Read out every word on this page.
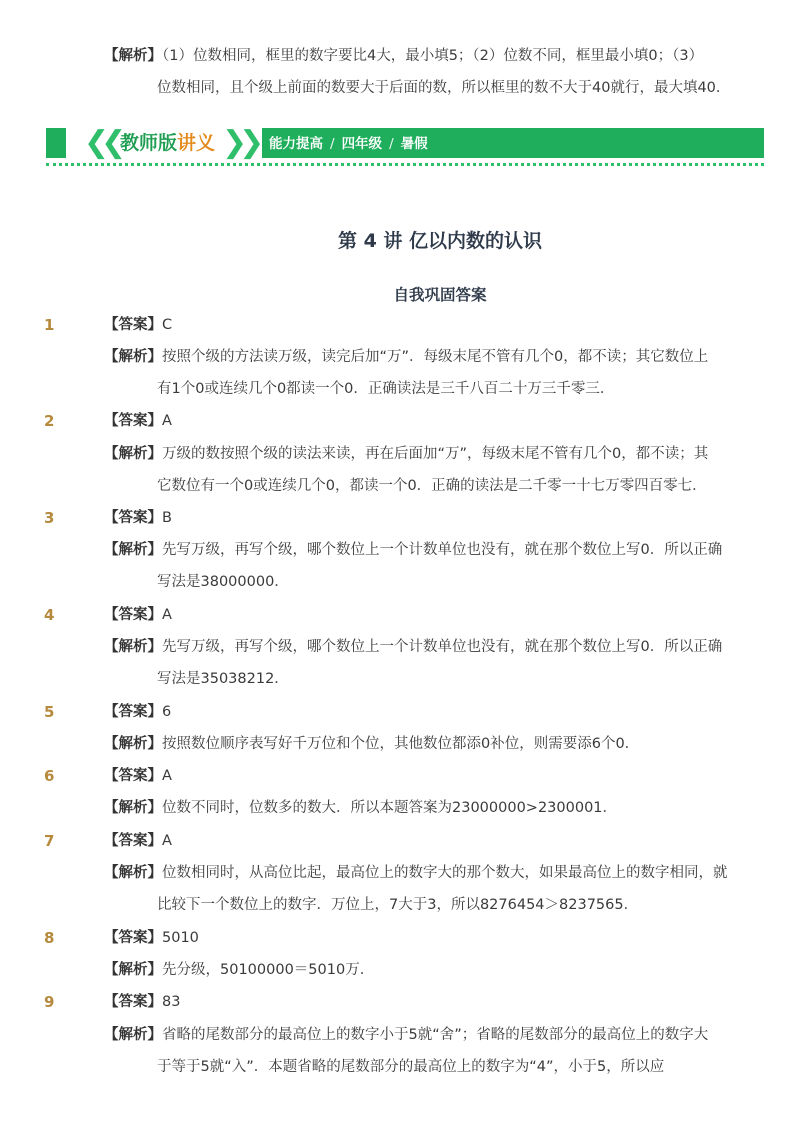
【解析】（1）位数相同，框里的数字要比4大，最小填5；（2）位数不同，框里最小填0；（3）
位数相同，且个级上前面的数要大于后面的数，所以框里的数不大于40就行，最大填40．
❮❮ 教师版讲义 ❯❯ 能力提高 / 四年级 / 暑假
第 4 讲 亿以内数的认识
自我巩固答案
1	【答案】C
【解析】按照个级的方法读万级，读完后加“万”．每级末尾不管有几个0，都不读；其它数位上
有1个0或连续几个0都读一个0．正确读法是三千八百二十万三千零三．
2	【答案】A
【解析】万级的数按照个级的读法来读，再在后面加“万”，每级末尾不管有几个0，都不读；其
它数位有一个0或连续几个0，都读一个0．正确的读法是二千零一十七万零四百零七．
3	【答案】B
【解析】先写万级，再写个级，哪个数位上一个计数单位也没有，就在那个数位上写0．所以正确
写法是38000000．
4	【答案】A
【解析】先写万级，再写个级，哪个数位上一个计数单位也没有，就在那个数位上写0．所以正确
写法是35038212．
5	【答案】6
【解析】按照数位顺序表写好千万位和个位，其他数位都添0补位，则需要添6个0．
6	【答案】A
【解析】位数不同时，位数多的数大．所以本题答案为23000000>2300001．
7	【答案】A
【解析】位数相同时，从高位比起，最高位上的数字大的那个数大，如果最高位上的数字相同，就
比较下一个数位上的数字．万位上，7大于3，所以8276454＞8237565．
8	【答案】5010
【解析】先分级，50100000＝5010万．
9	【答案】83
【解析】省略的尾数部分的最高位上的数字小于5就“舍”；省略的尾数部分的最高位上的数字大
于等于5就“入”．本题省略的尾数部分的最高位上的数字为“4”，小于5，所以应
